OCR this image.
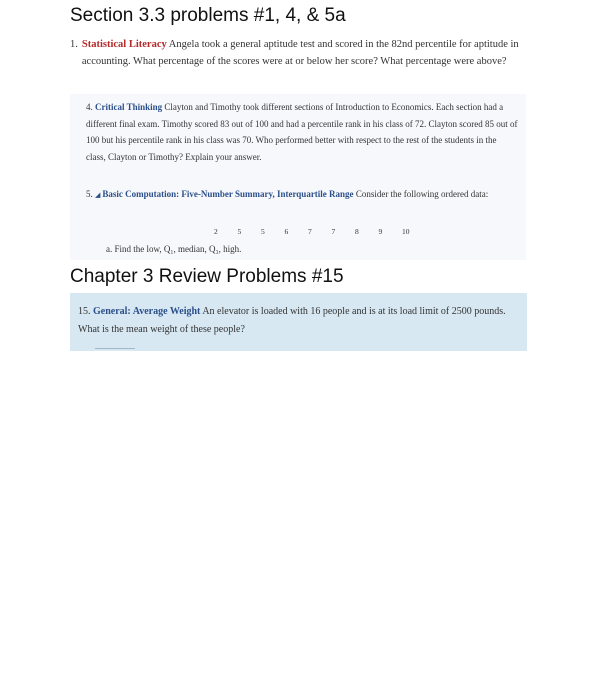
Section 3.3 problems #1, 4, & 5a
1. Statistical Literacy Angela took a general aptitude test and scored in the 82nd percentile for aptitude in accounting. What percentage of the scores were at or below her score? What percentage were above?
4. Critical Thinking Clayton and Timothy took different sections of Introduction to Economics. Each section had a different final exam. Timothy scored 83 out of 100 and had a percentile rank in his class of 72. Clayton scored 85 out of 100 but his percentile rank in his class was 70. Who performed better with respect to the rest of the students in the class, Clayton or Timothy? Explain your answer.
5. ◢ Basic Computation: Five-Number Summary, Interquartile Range Consider the following ordered data:
2	5	5	6	7	7	8	9	10
a. Find the low, Q₁, median, Q₃, high.
Chapter 3 Review Problems #15
15. General: Average Weight An elevator is loaded with 16 people and is at its load limit of 2500 pounds. What is the mean weight of these people?
